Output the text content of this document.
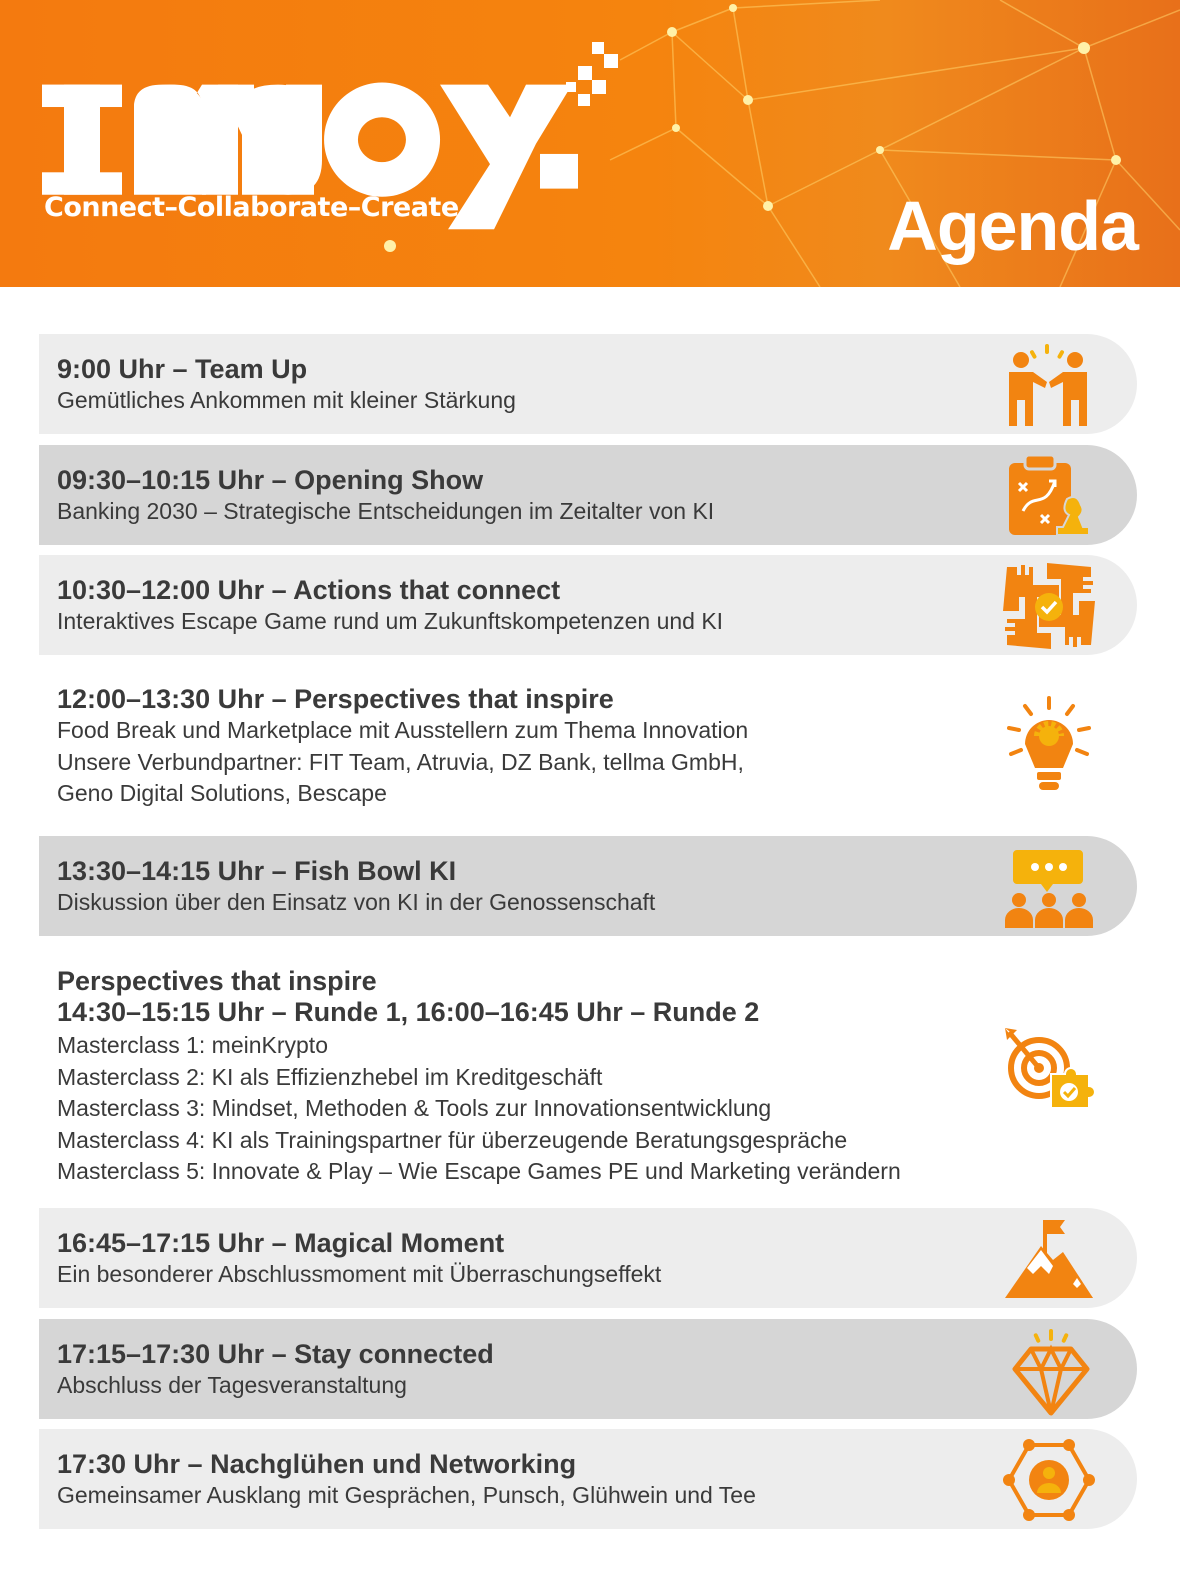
Connect–Collaborate–Create	Agenda
9:00 Uhr – Team Up
Gemütliches Ankommen mit kleiner Stärkung
09:30–10:15 Uhr – Opening Show
Banking 2030 – Strategische Entscheidungen im Zeitalter von KI
10:30–12:00 Uhr – Actions that connect
Interaktives Escape Game rund um Zukunftskompetenzen und KI
12:00–13:30 Uhr – Perspectives that inspire
Food Break und Marketplace mit Ausstellern zum Thema Innovation
Unsere Verbundpartner: FIT Team, Atruvia, DZ Bank, tellma GmbH,
Geno Digital Solutions, Bescape
13:30–14:15 Uhr – Fish Bowl KI
Diskussion über den Einsatz von KI in der Genossenschaft
Perspectives that inspire
14:30–15:15 Uhr – Runde 1, 16:00–16:45 Uhr – Runde 2
Masterclass 1: meinKrypto
Masterclass 2: KI als Effizienzhebel im Kreditgeschäft
Masterclass 3: Mindset, Methoden & Tools zur Innovationsentwicklung
Masterclass 4: KI als Trainingspartner für überzeugende Beratungsgespräche
Masterclass 5: Innovate & Play – Wie Escape Games PE und Marketing verändern
16:45–17:15 Uhr – Magical Moment
Ein besonderer Abschlussmoment mit Überraschungseffekt
17:15–17:30 Uhr – Stay connected
Abschluss der Tagesveranstaltung
17:30 Uhr – Nachglühen und Networking
Gemeinsamer Ausklang mit Gesprächen, Punsch, Glühwein und Tee
